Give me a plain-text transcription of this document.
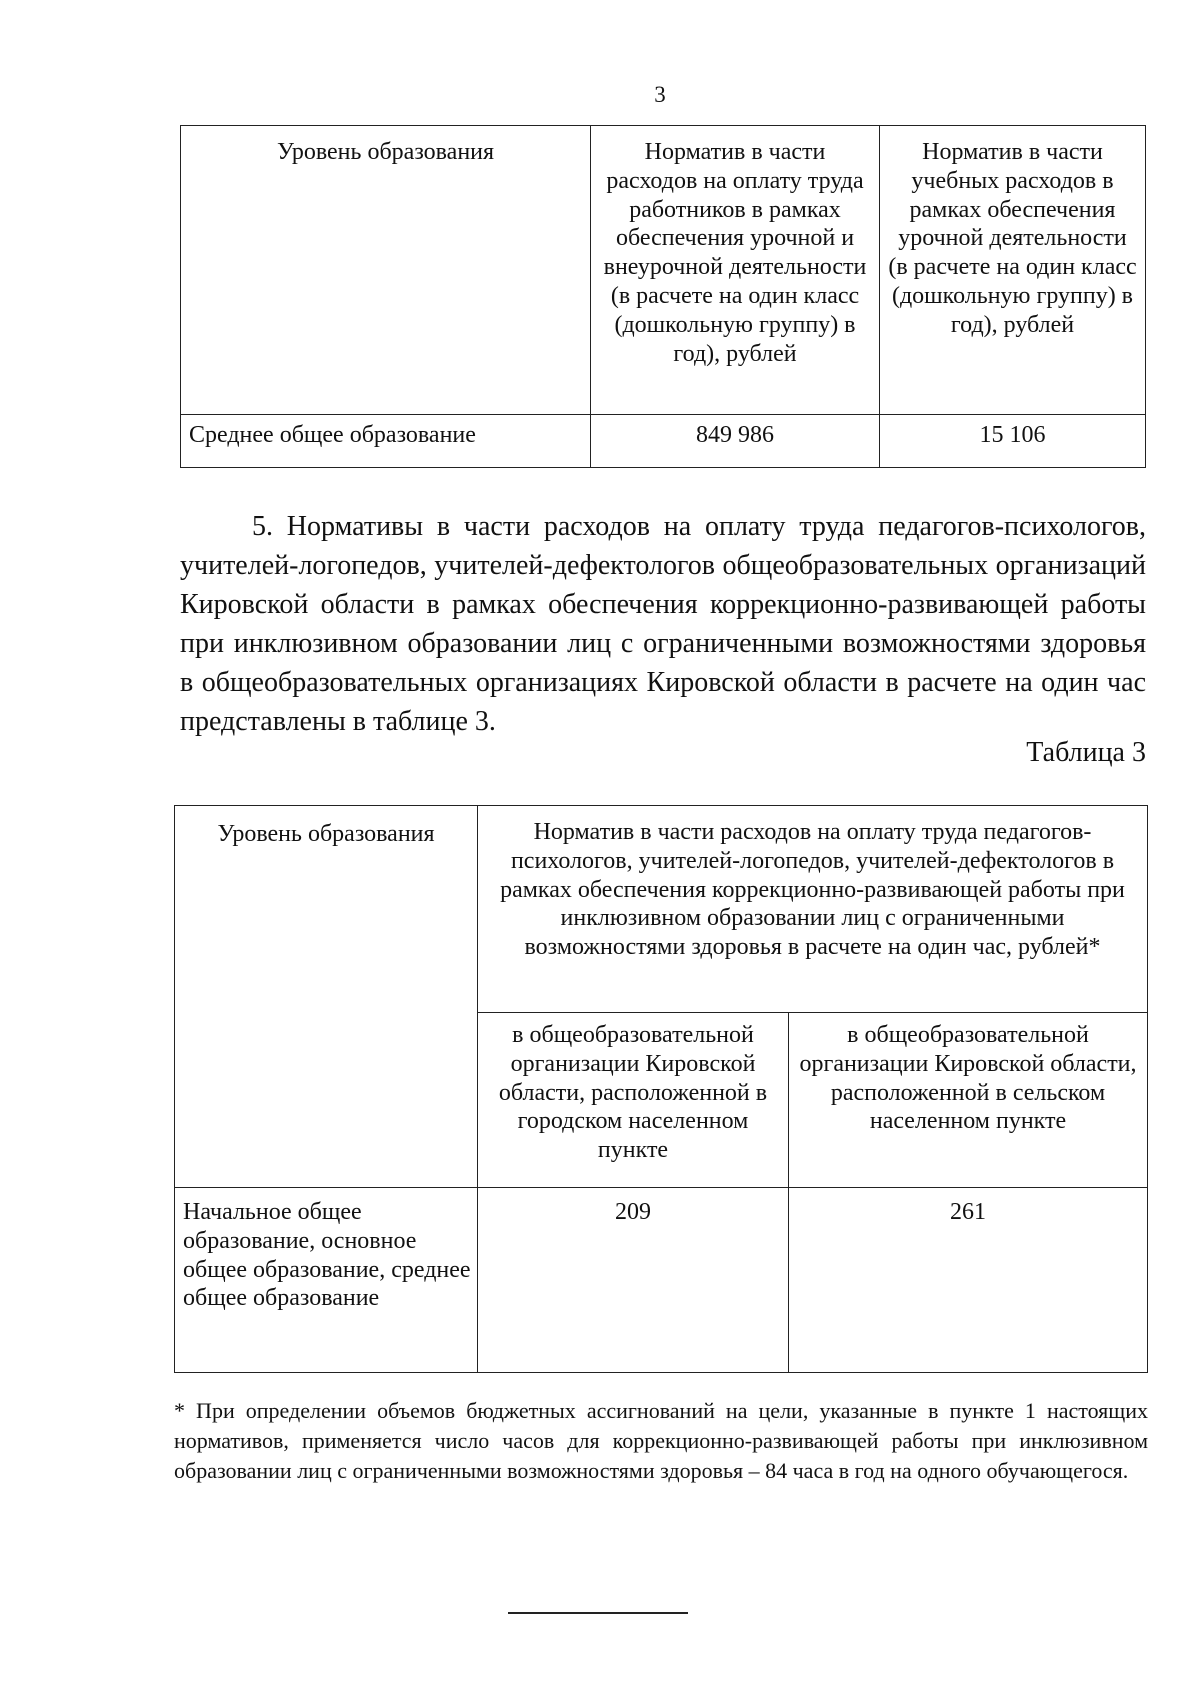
3
Уровень образования	Норматив в части расходов на оплату труда работников в рамках обеспечения урочной и внеурочной деятельности (в расчете на один класс (дошкольную группу) в год), рублей	Норматив в части учебных расходов в рамках обеспечения урочной деятельности (в расчете на один класс (дошкольную группу) в год), рублей
Среднее общее образование	849 986	15 106

5. Нормативы в части расходов на оплату труда педагогов-психологов, учителей-логопедов, учителей-дефектологов общеобразовательных организаций Кировской области в рамках обеспечения коррекционно-развивающей работы при инклюзивном образовании лиц с ограниченными возможностями здоровья в общеобразовательных организациях Кировской области в расчете на один час представлены в таблице 3.

Таблица 3
Уровень образования	Норматив в части расходов на оплату труда педагогов-психологов, учителей-логопедов, учителей-дефектологов в рамках обеспечения коррекционно-развивающей работы при инклюзивном образовании лиц с ограниченными возможностями здоровья в расчете на один час, рублей*	
	в общеобразовательной организации Кировской области, расположенной в городском населенном пункте	в общеобразовательной организации Кировской области, расположенной в сельском населенном пункте
Начальное общее образование, основное общее образование, среднее общее образование	209	261

* При определении объемов бюджетных ассигнований на цели, указанные в пункте 1 настоящих нормативов, применяется число часов для коррекционно-развивающей работы при инклюзивном образовании лиц с ограниченными возможностями здоровья – 84 часа в год на одного обучающегося.
